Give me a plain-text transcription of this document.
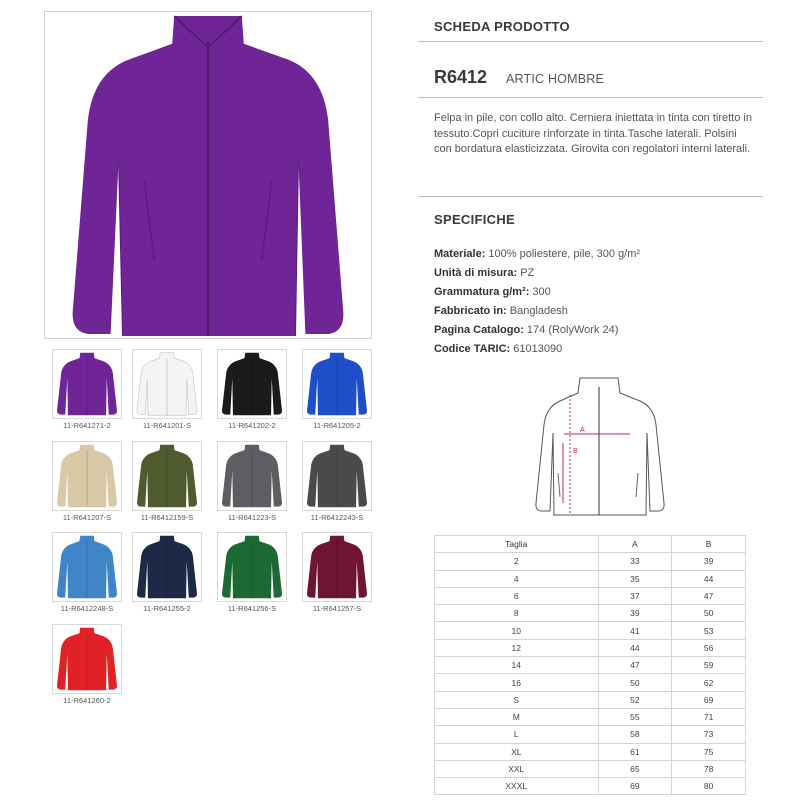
11-R641271-2	11-R641201-S	11-R641202-2	11-R641205-2
11-R641207-S	11-R6412159-S	11-R641223-S	11-R6412243-S
11-R6412248-S	11-R641255-2	11-R641256-S	11-R641257-S
11-R641260-2
SCHEDA PRODOTTO
R6412 ARTIC HOMBRE
Felpa in pile, con collo alto. Cerniera iniettata in tinta con tiretto in tessuto.Copri cuciture rinforzate in tinta.Tasche laterali. Polsini con bordatura elasticizzata. Girovita con regolatori interni laterali.
SPECIFICHE
Materiale: 100% poliestere, pile, 300 g/m²
Unità di misura: PZ
Grammatura g/m²: 300
Fabbricato in: Bangladesh
Pagina Catalogo: 174 (RolyWork 24)
Codice TARIC: 61013090
A
B
Taglia	A	B
2	33	39
4	35	44
6	37	47
8	39	50
10	41	53
12	44	56
14	47	59
16	50	62
S	52	69
M	55	71
L	58	73
XL	61	75
XXL	65	78
XXXL	69	80
